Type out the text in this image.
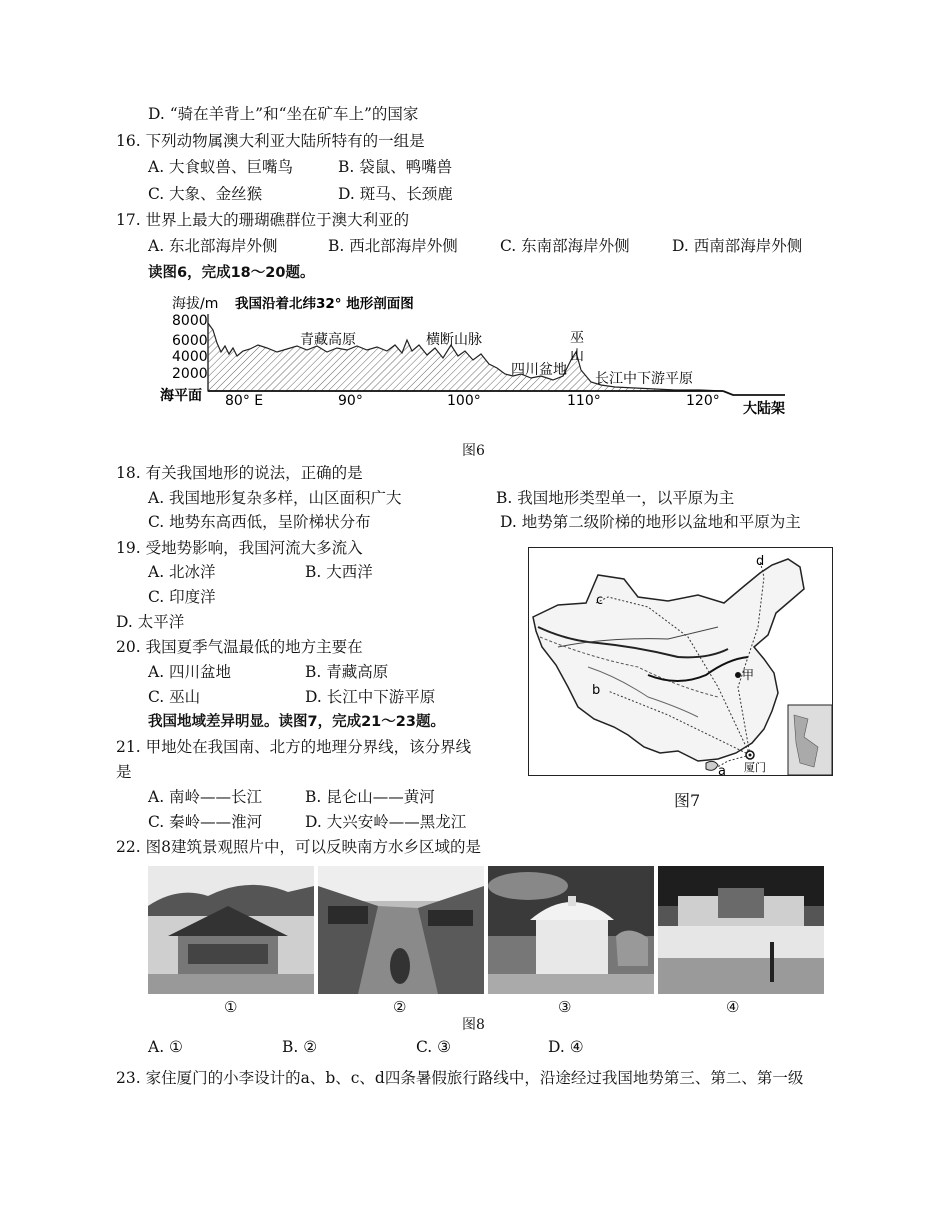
D. “骑在羊背上”和“坐在矿车上”的国家
16. 下列动物属澳大利亚大陆所特有的一组是
A. 大食蚁兽、巨嘴鸟	B. 袋鼠、鸭嘴兽
C. 大象、金丝猴	D. 斑马、长颈鹿
17. 世界上最大的珊瑚礁群位于澳大利亚的
A. 东北部海岸外侧	B. 西北部海岸外侧	C. 东南部海岸外侧	D. 西南部海岸外侧
读图6，完成18～20题。
海拔/m 我国沿着北纬32° 地形剖面图
8000
6000
4000
2000
海平面
青藏高原	横断山脉
四川盆地
巫
山
长江中下游平原
80° E	90°	100°	110°	120° 大陆架
图6
18. 有关我国地形的说法，正确的是
A. 我国地形复杂多样，山区面积广大	B. 我国地形类型单一，以平原为主
C. 地势东高西低，呈阶梯状分布	D. 地势第二级阶梯的地形以盆地和平原为主
19. 受地势影响，我国河流大多流入
A. 北冰洋	B. 大西洋
C. 印度洋
D. 太平洋
20. 我国夏季气温最低的地方主要在
A. 四川盆地	B. 青藏高原
C. 巫山	D. 长江中下游平原
我国地域差异明显。读图7，完成21～23题。
21. 甲地处在我国南、北方的地理分界线，该分界线
是
A. 南岭——长江	B. 昆仑山——黄河
C. 秦岭——淮河	D. 大兴安岭——黑龙江
c
d
b
a
甲
厦门
图7
22. 图8建筑景观照片中，可以反映南方水乡区域的是
①	②	③	④
图8
A. ①	B. ②	C. ③	D. ④
23. 家住厦门的小李设计的a、b、c、d四条暑假旅行路线中，沿途经过我国地势第三、第二、第一级
